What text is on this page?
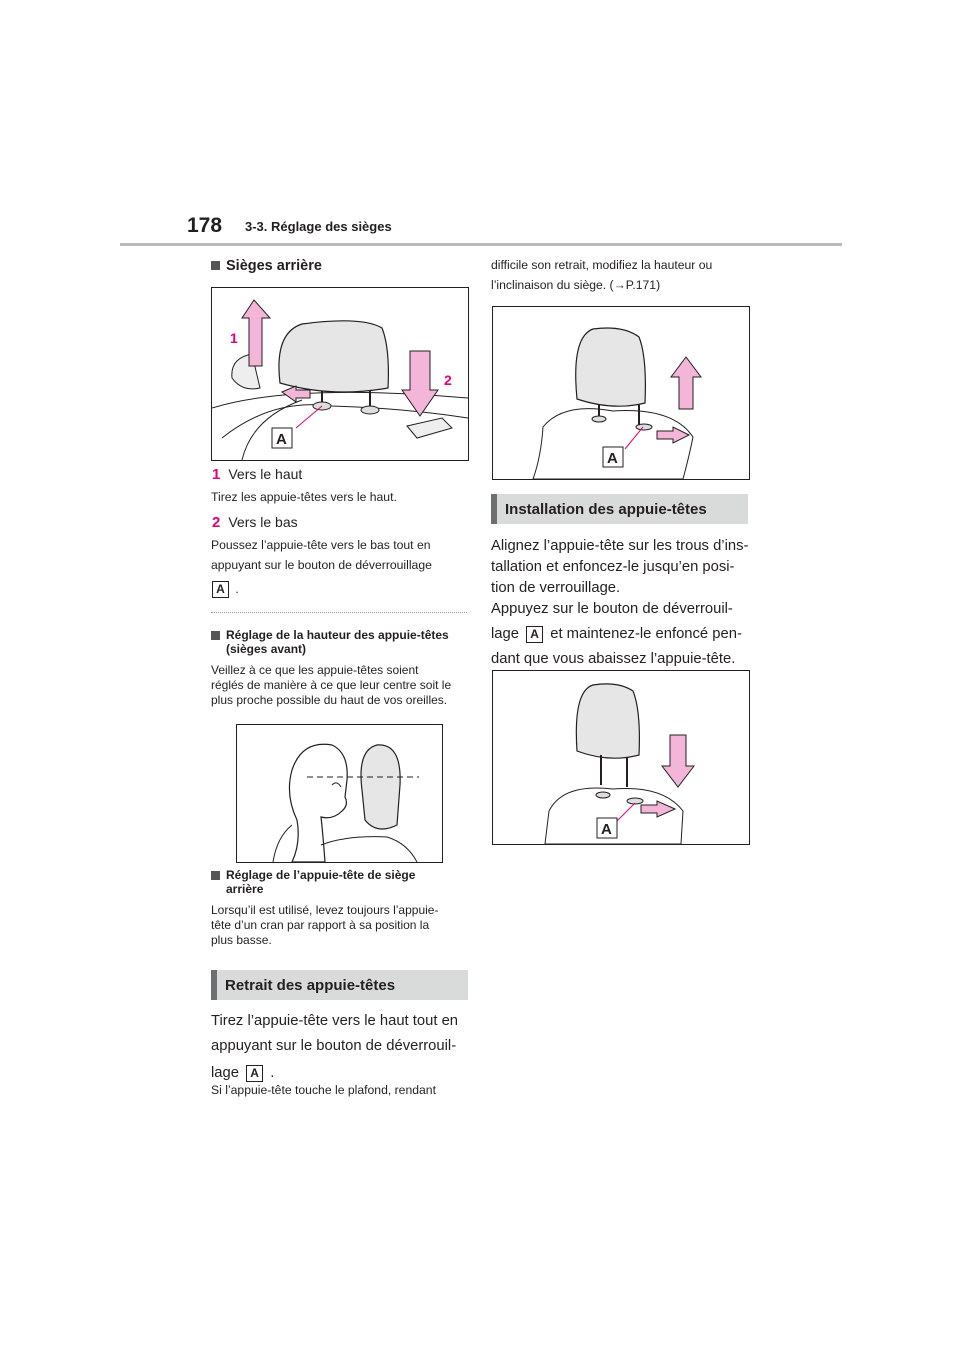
178 3-3. Réglage des sièges
Sièges arrière
A
1
2
1 Vers le haut
Tirez les appuie-têtes vers le haut.
2 Vers le bas
Poussez l’appuie-tête vers le bas tout en
appuyant sur le bouton de déverrouillage
A .
Réglage de la hauteur des appuie-têtes
(sièges avant)
Veillez à ce que les appuie-têtes soient
réglés de manière à ce que leur centre soit le
plus proche possible du haut de vos oreilles.
Réglage de l’appuie-tête de siège
arrière
Lorsqu’il est utilisé, levez toujours l’appuie-
tête d’un cran par rapport à sa position la
plus basse.
Retrait des appuie-têtes
Tirez l’appuie-tête vers le haut tout en
appuyant sur le bouton de déverrouil-
lage A .
Si l’appuie-tête touche le plafond, rendant
difficile son retrait, modifiez la hauteur ou
l’inclinaison du siège. (→P.171)
A
Installation des appuie-têtes
Alignez l’appuie-tête sur les trous d’ins-
tallation et enfoncez-le jusqu’en posi-
tion de verrouillage.
Appuyez sur le bouton de déverrouil-
lage A et maintenez-le enfoncé pen-
dant que vous abaissez l’appuie-tête.
A
